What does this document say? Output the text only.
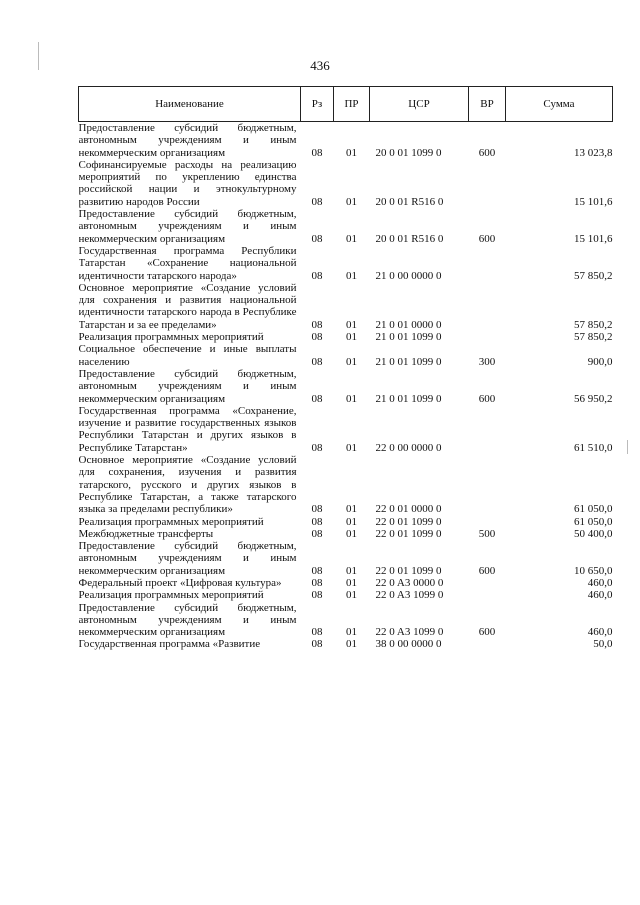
436
Наименование	Рз	ПР	ЦСР	ВР	Сумма
Предоставление субсидий бюджетным, автономным учреждениям и иным некоммерческим организациям	08	01	20 0 01 1099 0	600	13 023,8
Софинансируемые расходы на реализацию мероприятий по укреплению единства российской нации и этнокультурному развитию народов России	08	01	20 0 01 R516 0		15 101,6
Предоставление субсидий бюджетным, автономным учреждениям и иным некоммерческим организациям	08	01	20 0 01 R516 0	600	15 101,6
Государственная программа Республики Татарстан «Сохранение национальной идентичности татарского народа»	08	01	21 0 00 0000 0		57 850,2
Основное мероприятие «Создание условий для сохранения и развития национальной идентичности татарского народа в Республике Татарстан и за ее пределами»	08	01	21 0 01 0000 0		57 850,2
Реализация программных мероприятий	08	01	21 0 01 1099 0		57 850,2
Социальное обеспечение и иные выплаты населению	08	01	21 0 01 1099 0	300	900,0
Предоставление субсидий бюджетным, автономным учреждениям и иным некоммерческим организациям	08	01	21 0 01 1099 0	600	56 950,2
Государственная программа «Сохранение, изучение и развитие государственных языков Республики Татарстан и других языков в Республике Татарстан»	08	01	22 0 00 0000 0		61 510,0
Основное мероприятие «Создание условий для сохранения, изучения и развития татарского, русского и других языков в Республике Татарстан, а также татарского языка за пределами республики»	08	01	22 0 01 0000 0		61 050,0
Реализация программных мероприятий	08	01	22 0 01 1099 0		61 050,0
Межбюджетные трансферты	08	01	22 0 01 1099 0	500	50 400,0
Предоставление субсидий бюджетным, автономным учреждениям и иным некоммерческим организациям	08	01	22 0 01 1099 0	600	10 650,0
Федеральный проект «Цифровая культура»	08	01	22 0 A3 0000 0		460,0
Реализация программных мероприятий	08	01	22 0 A3 1099 0		460,0
Предоставление субсидий бюджетным, автономным учреждениям и иным некоммерческим организациям	08	01	22 0 A3 1099 0	600	460,0
Государственная программа «Развитие	08	01	38 0 00 0000 0		50,0
